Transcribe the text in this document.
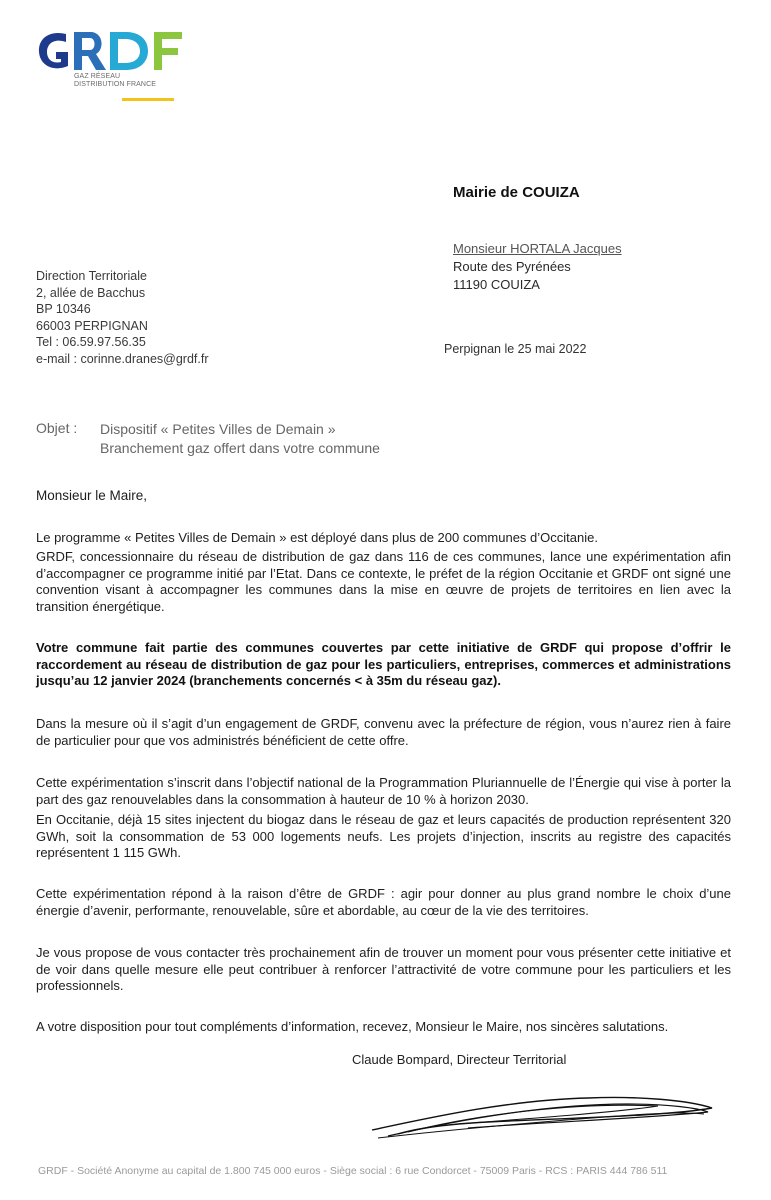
GAZ RÉSEAU
DISTRIBUTION FRANCE
Mairie de COUIZA
Monsieur HORTALA Jacques
Route des Pyrénées
11190 COUIZA
Direction Territoriale
2, allée de Bacchus
BP 10346
66003 PERPIGNAN
Tel : 06.59.97.56.35
e-mail : corinne.dranes@grdf.fr
Perpignan le 25 mai 2022
Objet : Dispositif « Petites Villes de Demain »
Branchement gaz offert dans votre commune
Monsieur le Maire,
Le programme « Petites Villes de Demain » est déployé dans plus de 200 communes d’Occitanie.
GRDF, concessionnaire du réseau de distribution de gaz dans 116 de ces communes, lance une expérimentation afin d’accompagner ce programme initié par l’Etat. Dans ce contexte, le préfet de la région Occitanie et GRDF ont signé une convention visant à accompagner les communes dans la mise en œuvre de projets de territoires en lien avec la transition énergétique.
Votre commune fait partie des communes couvertes par cette initiative de GRDF qui propose d’offrir le raccordement au réseau de distribution de gaz pour les particuliers, entreprises, commerces et administrations jusqu’au 12 janvier 2024 (branchements concernés < à 35m du réseau gaz).
Dans la mesure où il s’agit d’un engagement de GRDF, convenu avec la préfecture de région, vous n’aurez rien à faire de particulier pour que vos administrés bénéficient de cette offre.
Cette expérimentation s’inscrit dans l’objectif national de la Programmation Pluriannuelle de l’Énergie qui vise à porter la part des gaz renouvelables dans la consommation à hauteur de 10 % à horizon 2030.
En Occitanie, déjà 15 sites injectent du biogaz dans le réseau de gaz et leurs capacités de production représentent 320 GWh, soit la consommation de 53 000 logements neufs. Les projets d’injection, inscrits au registre des capacités représentent 1 115 GWh.
Cette expérimentation répond à la raison d’être de GRDF : agir pour donner au plus grand nombre le choix d’une énergie d’avenir, performante, renouvelable, sûre et abordable, au cœur de la vie des territoires.
Je vous propose de vous contacter très prochainement afin de trouver un moment pour vous présenter cette initiative et de voir dans quelle mesure elle peut contribuer à renforcer l’attractivité de votre commune pour les particuliers et les professionnels.
A votre disposition pour tout compléments d’information, recevez, Monsieur le Maire, nos sincères salutations.
Claude Bompard, Directeur Territorial
GRDF - Société Anonyme au capital de 1.800 745 000 euros - Siège social : 6 rue Condorcet - 75009 Paris - RCS : PARIS 444 786 511
